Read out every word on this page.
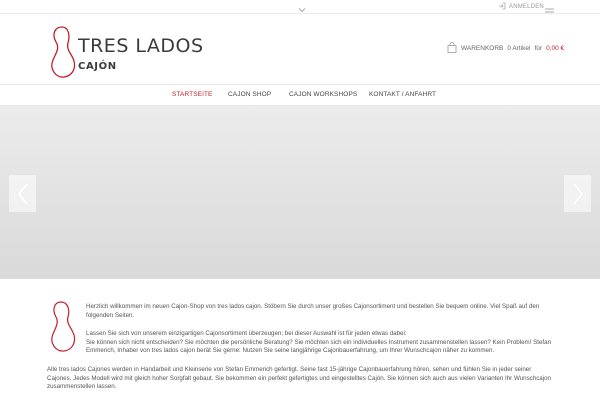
ANMELDEN
TRES LADOS
CAJÓN
WARENKORB 0 Artikel für 0,00 €
STARTSEITE CAJON SHOP	CAJON WORKSHOPS KONTAKT / ANFAHRT

Herzlich willkommen im neuen Cajon-Shop von tres lados cajon. Stöbern Sie durch unser großes Cajonsortiment und bestellen Sie bequem online. Viel Spaß auf den folgenden Seiten.

Lassen Sie sich von unserem einzigartigen Cajonsortiment überzeugen; bei dieser Auswahl ist für jeden etwas dabei:
Sie können sich nicht entscheiden? Sie möchten die persönliche Beratung? Sie möchten sich ein individuelles Instrument zusammenstellen lassen? Kein Problem! Stefan Emmerich, Inhaber von tres lados cajon berät Sie gerne: Nutzen Sie seine langjährige Cajonbauerfahrung, um Ihrer Wunschcajon näher zu kommen.

Alle tres lados Cajones werden in Handarbeit und Kleinserie von Stefan Emmerich gefertigt. Seine fast 15-jährige Cajonbauerfahrung hören, sehen und fühlen Sie in jeder seiner Cajones. Jedes Modell wird mit gleich hoher Sorgfalt gebaut. Sie bekommen ein perfekt gefertigtes und eingestelltes Cajón. Sie können sich auch aus vielen Varianten Ihr Wunschcajon zusammenstellen lassen.
